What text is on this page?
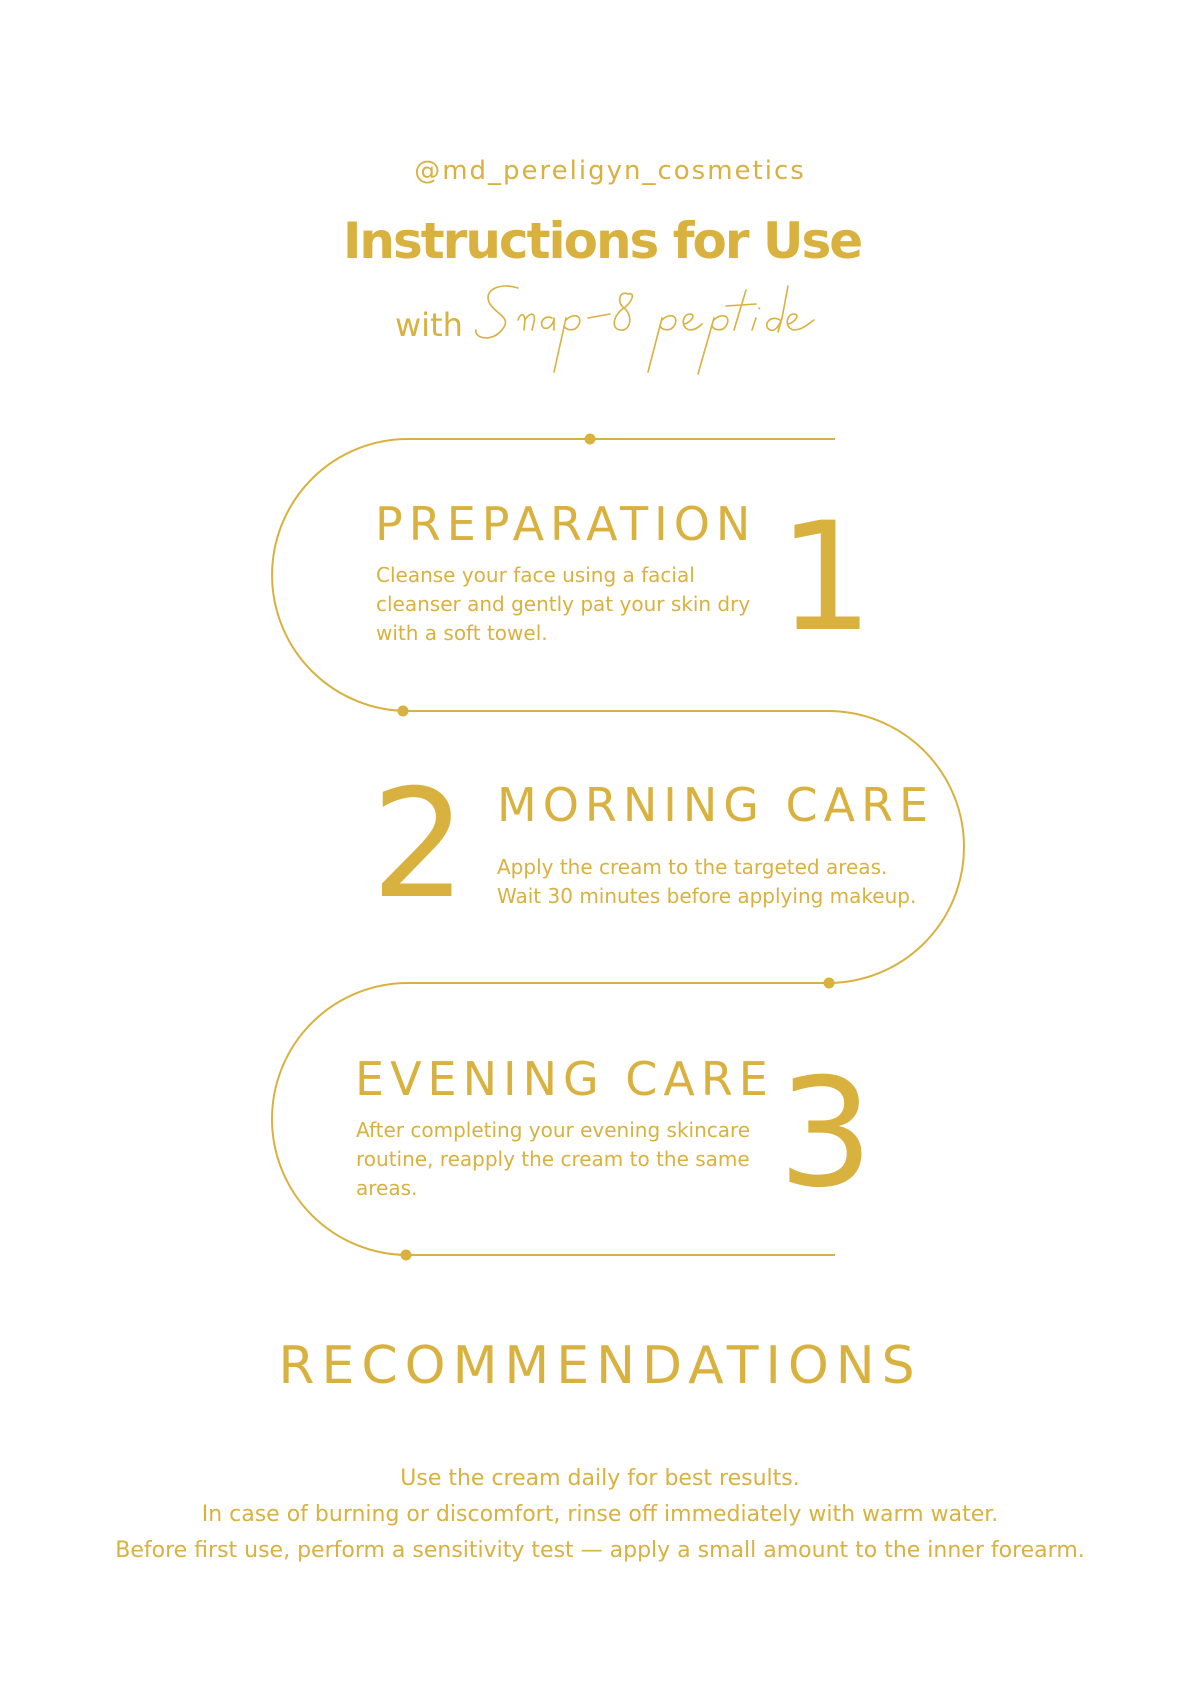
@md_pereligyn_cosmetics
Instructions for Use
with
PREPARATION
Cleanse your face using a facial
cleanser and gently pat your skin dry
with a soft towel.	1
2 MORNING CARE
Apply the cream to the targeted areas.
Wait 30 minutes before applying makeup.
EVENING CARE
After completing your evening skincare
routine, reapply the cream to the same
areas.	3
RECOMMENDATIONS
Use the cream daily for best results.
In case of burning or discomfort, rinse off immediately with warm water.
Before first use, perform a sensitivity test — apply a small amount to the inner forearm.
